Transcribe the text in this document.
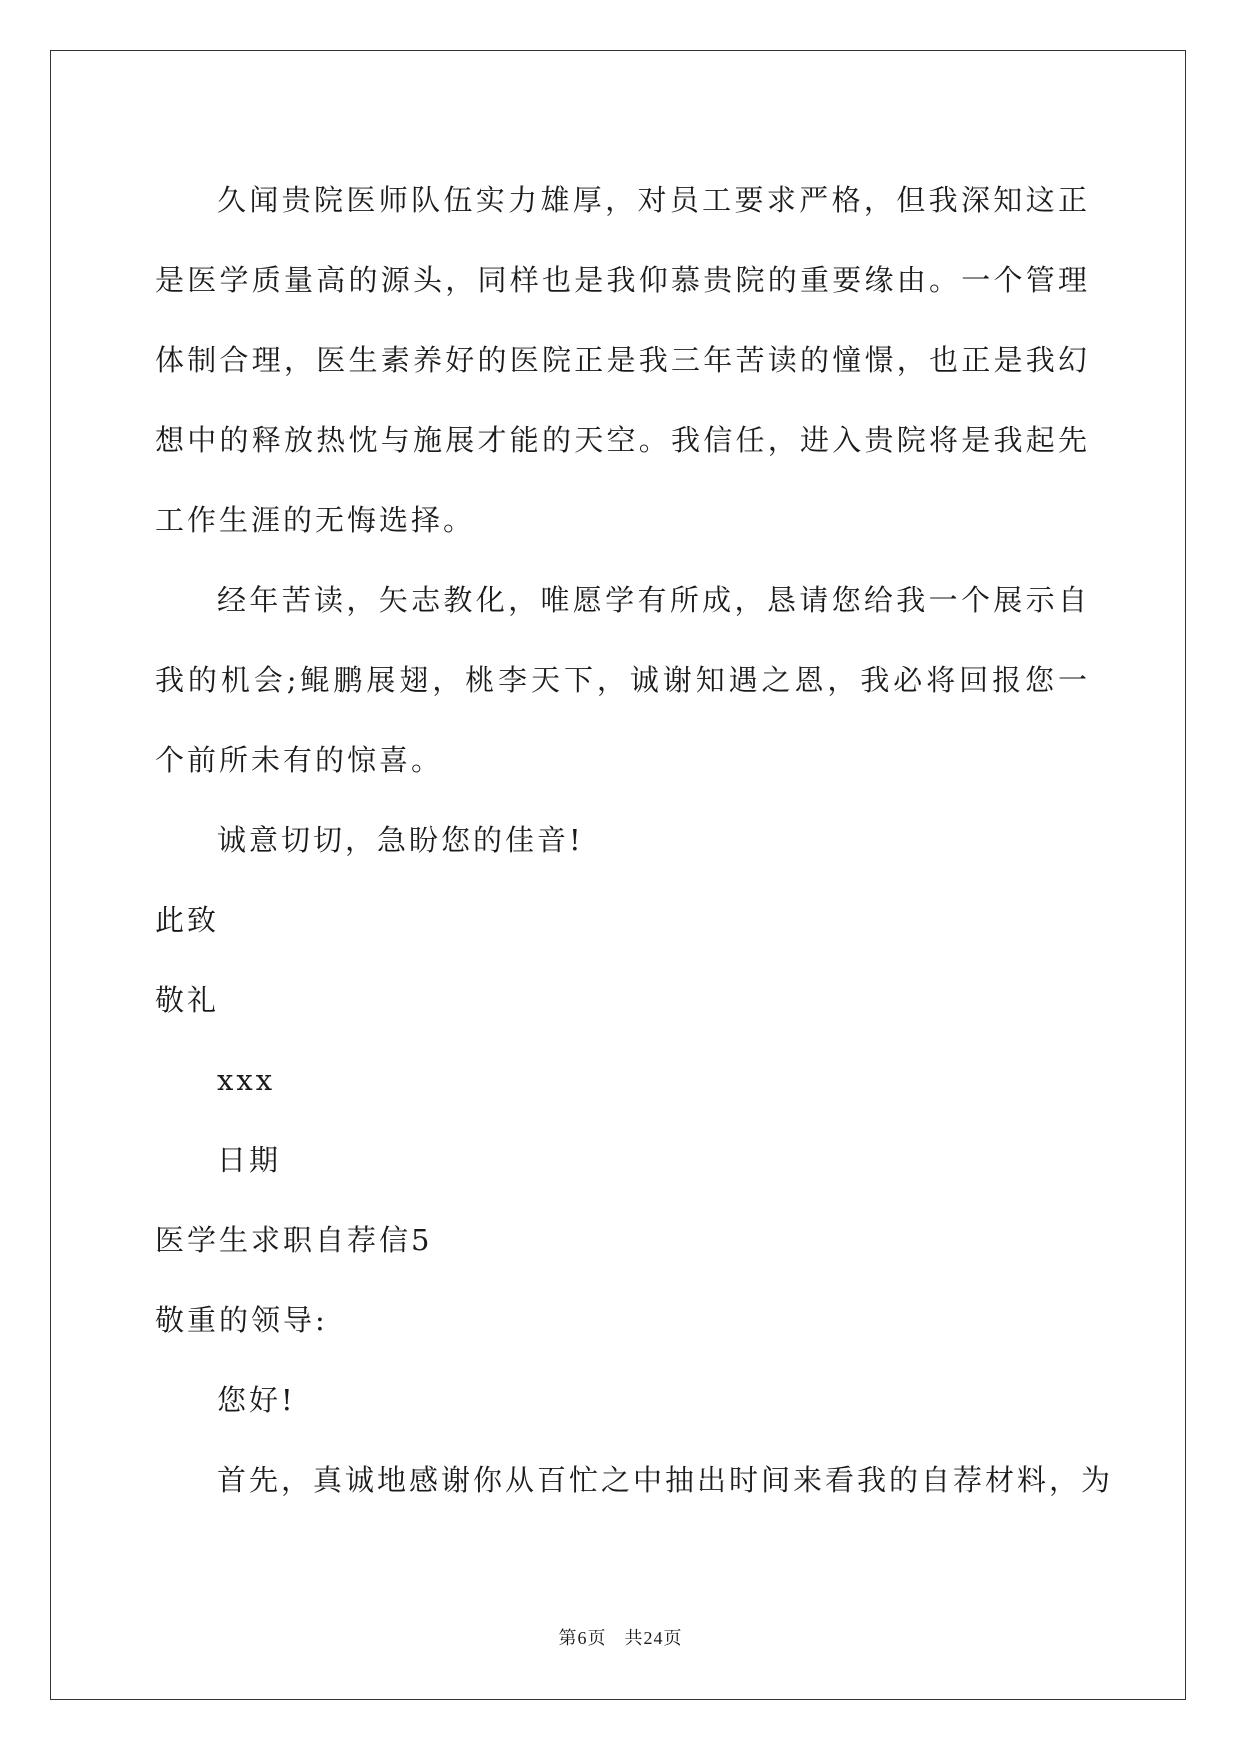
久闻贵院医师队伍实力雄厚，对员工要求严格，但我深知这正是医学质量高的源头，同样也是我仰慕贵院的重要缘由。一个管理体制合理，医生素养好的医院正是我三年苦读的憧憬，也正是我幻想中的释放热忱与施展才能的天空。我信任，进入贵院将是我起先工作生涯的无悔选择。

经年苦读，矢志教化，唯愿学有所成，恳请您给我一个展示自我的机会;鲲鹏展翅，桃李天下，诚谢知遇之恩，我必将回报您一个前所未有的惊喜。

诚意切切，急盼您的佳音!

此致

敬礼

xxx

日期

医学生求职自荐信5

敬重的领导:

您好!

首先，真诚地感谢你从百忙之中抽出时间来看我的自荐材料，为

第6页 共24页
